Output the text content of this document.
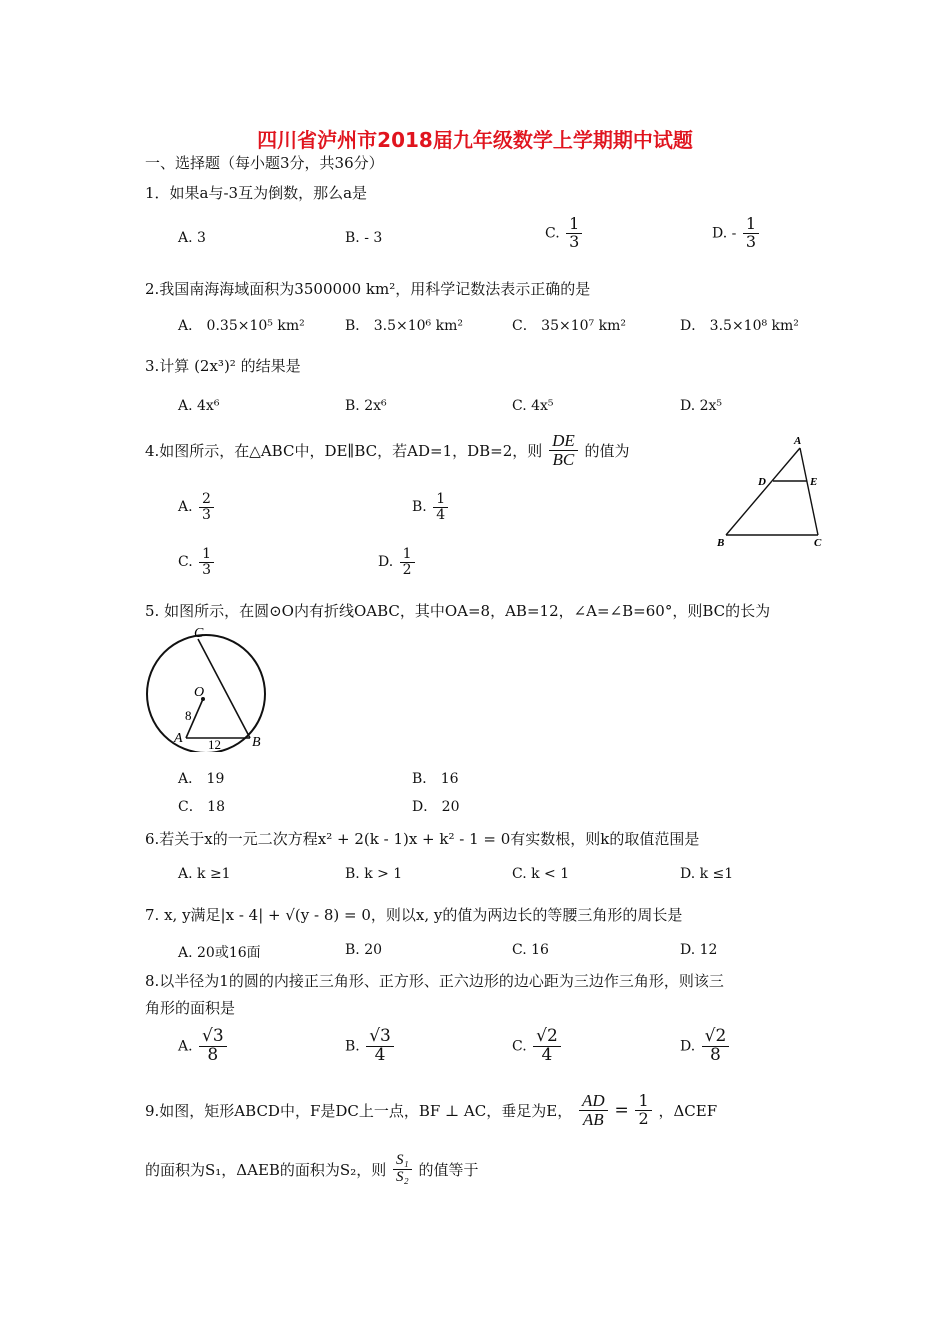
四川省泸州市2018届九年级数学上学期期中试题
一、选择题（每小题3分，共36分）
1．如果a与-3互为倒数，那么a是
A. 3	B. - 3	C. $\frac{1}{3}$	D. - $\frac{1}{3}$
2.我国南海海域面积为3500000 km²，用科学记数法表示正确的是
A． 0.35×10⁵ km²	B． 3.5×10⁶ km²	C． 35×10⁷ km²	D． 3.5×10⁸ km²
3.计算 (2x³)² 的结果是
A. 4x⁶	B. 2x⁶	C. 4x⁵	D. 2x⁵
4.如图所示，在△ABC中，DE∥BC，若AD=1，DB=2，则 $\frac{DE}{BC}$ 的值为
A. $\frac{2}{3}$	B. $\frac{1}{4}$
C. $\frac{1}{3}$	D. $\frac{1}{2}$
A
D	E
B	C
5. 如图所示，在圆⊙O内有折线OABC，其中OA=8，AB=12，∠A=∠B=60°，则BC的长为
C
O
A	B
8
12
A． 19	B． 16
C． 18	D． 20
6.若关于x的一元二次方程x² + 2(k - 1)x + k² - 1 = 0有实数根，则k的取值范围是
A. k ≥1	B. k > 1	C. k < 1	D. k ≤1
7. x, y满足|x - 4| + √(y - 8) = 0，则以x, y的值为两边长的等腰三角形的周长是
A. 20或16面	B. 20	C. 16	D. 12
8.以半径为1的圆的内接正三角形、正方形、正六边形的边心距为三边作三角形，则该三
角形的面积是
A. $\frac{√3}{8}$	B. $\frac{√3}{4}$	C. $\frac{√2}{4}$	D. $\frac{√2}{8}$
9.如图，矩形ABCD中，F是DC上一点，BF ⊥ AC，垂足为E， $\frac{AD}{AB} = \frac{1}{2}$ ，ΔCEF
的面积为S₁，ΔAEB的面积为S₂，则 $\frac{\text{S₁}}{\text{S₂}}$ 的值等于
